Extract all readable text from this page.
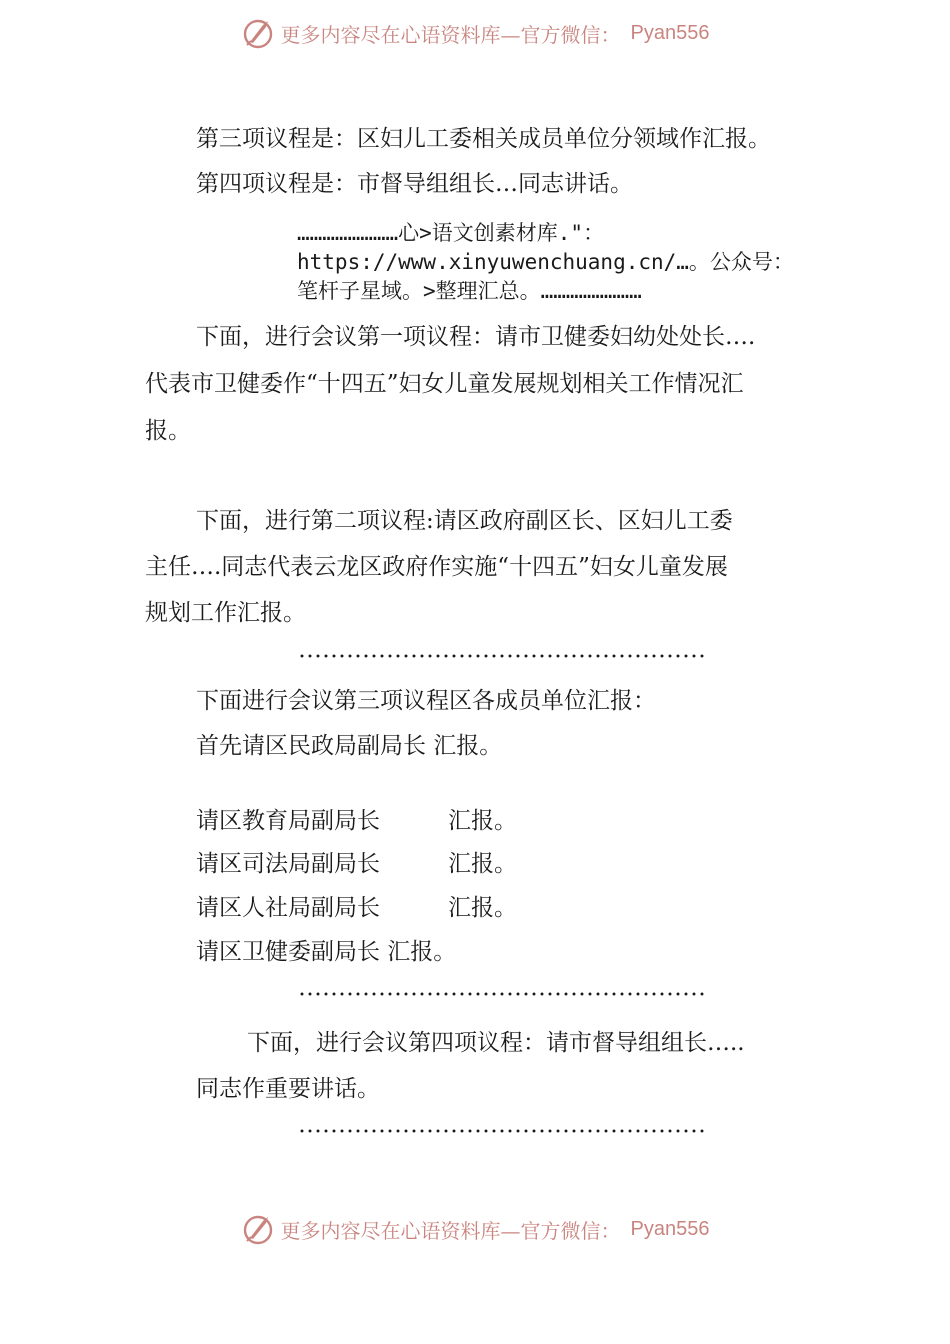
更多内容尽在心语资料库—官方微信： Pyan556
第三项议程是：区妇儿工委相关成员单位分领域作汇报。
第四项议程是：市督导组组长…同志讲话。
……………………心>语文创素材库."：
https://www.xinyuwenchuang.cn/…。公众号：
笔杆子星域。>整理汇总。……………………
下面，进行会议第一项议程：请市卫健委妇幼处处长….
代表市卫健委作“十四五”妇女儿童发展规划相关工作情况汇
报。
下面，进行第二项议程:请区政府副区长、区妇儿工委
主任….同志代表云龙区政府作实施“十四五”妇女儿童发展
规划工作汇报。
下面进行会议第三项议程区各成员单位汇报：
首先请区民政局副局长 汇报。
请区教育局副局长	汇报。
请区司法局副局长	汇报。
请区人社局副局长	汇报。
请区卫健委副局长 汇报。
下面，进行会议第四项议程：请市督导组组长…..
同志作重要讲话。
更多内容尽在心语资料库—官方微信： Pyan556
